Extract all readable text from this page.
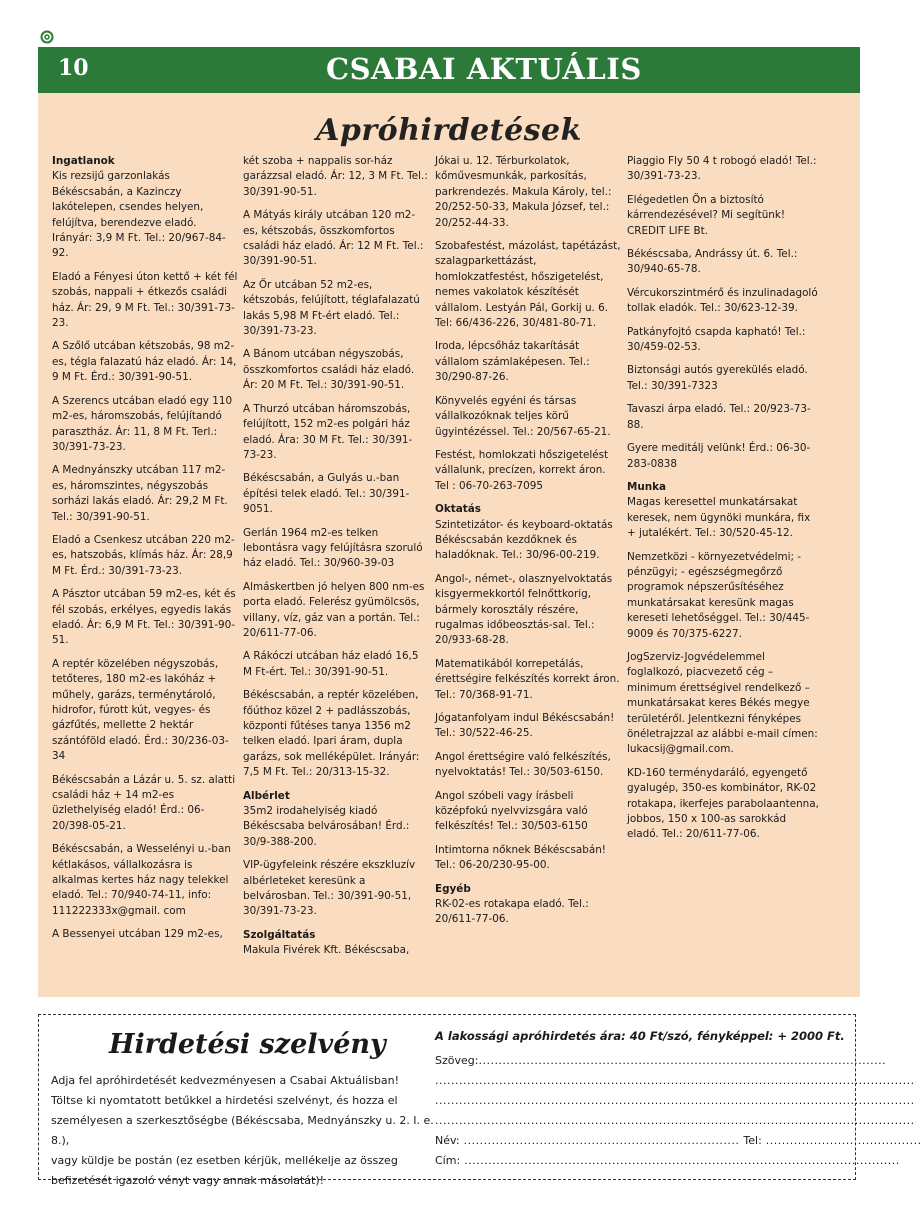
10	CSABAI AKTUÁLIS
Apróhirdetések
Ingatlanok

Kis rezsijű garzonlakás Békéscsabán, a Kazinczy lakótelepen, csendes helyen, felújítva, berendezve eladó. Irányár: 3,9 M Ft. Tel.: 20/967-84-92.

Eladó a Fényesi úton kettő + két fél szobás, nappali + étkezős családi ház. Ár: 29, 9 M Ft. Tel.: 30/391-73-23.

A Szőlő utcában kétszobás, 98 m2-es, tégla falazatú ház eladó. Ár: 14, 9 M Ft. Érd.: 30/391-90-51.

A Szerencs utcában eladó egy 110 m2-es, háromszobás, felújítandó parasztház. Ár: 11, 8 M Ft. Terl.: 30/391-73-23.

A Mednyánszky utcában 117 m2-es, háromszintes, négyszobás sorházi lakás eladó. Ár: 29,2 M Ft. Tel.: 30/391-90-51.

Eladó a Csenkesz utcában 220 m2-es, hatszobás, klímás ház. Ár: 28,9 M Ft. Érd.: 30/391-73-23.

A Pásztor utcában 59 m2-es, két és fél szobás, erkélyes, egyedis lakás eladó. Ár: 6,9 M Ft. Tel.: 30/391-90-51.

A reptér közelében négyszobás, tetőteres, 180 m2-es lakóház + műhely, garázs, terménytároló, hidrofor, fúrott kút, vegyes- és gázfűtés, mellette 2 hektár szántóföld eladó. Érd.: 30/236-03-34

Békéscsabán a Lázár u. 5. sz. alatti családi ház + 14 m2-es üzlethelyiség eladó! Érd.: 06-20/398-05-21.

Békéscsabán, a Wesselényi u.-ban kétlakásos, vállalkozásra is alkalmas kertes ház nagy telekkel eladó. Tel.: 70/940-74-11, info: 111222333x@gmail. com

A Bessenyei utcában 129 m2-es,

két szoba + nappalis sor-ház garázzsal eladó. Ár: 12, 3 M Ft. Tel.: 30/391-90-51.

A Mátyás király utcában 120 m2-es, kétszobás, összkomfortos családi ház eladó. Ár: 12 M Ft. Tel.: 30/391-90-51.

Az Őr utcában 52 m2-es, kétszobás, felújított, téglafalazatú lakás 5,98 M Ft-ért eladó. Tel.: 30/391-73-23.

A Bánom utcában négyszobás, összkomfortos családi ház eladó. Ár: 20 M Ft. Tel.: 30/391-90-51.

A Thurzó utcában háromszobás, felújított, 152 m2-es polgári ház eladó. Ára: 30 M Ft. Tel.: 30/391-73-23.

Békéscsabán, a Gulyás u.-ban építési telek eladó. Tel.: 30/391-9051.

Gerlán 1964 m2-es telken lebontásra vagy felújításra szoruló ház eladó. Tel.: 30/960-39-03

Almáskertben jó helyen 800 nm-es porta eladó. Felerész gyümölcsös, villany, víz, gáz van a portán. Tel.: 20/611-77-06.

A Rákóczi utcában ház eladó 16,5 M Ft-ért. Tel.: 30/391-90-51.

Békéscsabán, a reptér közelében, főúthoz közel 2 + padlásszobás, központi fűtéses tanya 1356 m2 telken eladó. Ipari áram, dupla garázs, sok melléképület. Irányár: 7,5 M Ft. Tel.: 20/313-15-32.

Albérlet

35m2 irodahelyiség kiadó Békéscsaba belvárosában! Érd.: 30/9-388-200.

VIP-ügyfeleink részére ekszkluzív albérleteket keresünk a belvárosban. Tel.: 30/391-90-51, 30/391-73-23.

Szolgáltatás

Makula Fivérek Kft. Békéscsaba,

Jókai u. 12. Térburkolatok, kőművesmunkák, parkosítás, parkrendezés. Makula Károly, tel.: 20/252-50-33, Makula József, tel.: 20/252-44-33.

Szobafestést, mázolást, tapétázást, szalagparkettázást, homlokzatfestést, hőszigetelést, nemes vakolatok készítését vállalom. Lestyán Pál, Gorkij u. 6. Tel: 66/436-226, 30/481-80-71.

Iroda, lépcsőház takarítását vállalom számlaképesen. Tel.: 30/290-87-26.

Könyvelés egyéni és társas vállalkozóknak teljes körű ügyintézéssel. Tel.: 20/567-65-21.

Festést, homlokzati hőszigetelést vállalunk, precízen, korrekt áron. Tel : 06-70-263-7095

Oktatás

Szintetizátor- és keyboard-oktatás Békéscsabán kezdőknek és haladóknak. Tel.: 30/96-00-219.

Angol-, német-, olasznyelvoktatás kisgyermekkortól felnőttkorig, bármely korosztály részére, rugalmas időbeosztás-sal. Tel.: 20/933-68-28.

Matematikából korrepetálás, érettségire felkészítés korrekt áron. Tel.: 70/368-91-71.

Jógatanfolyam indul Békéscsabán! Tel.: 30/522-46-25.

Angol érettségire való felkészítés, nyelvoktatás! Tel.: 30/503-6150.

Angol szóbeli vagy írásbeli középfokú nyelvvizsgára való felkészítés! Tel.: 30/503-6150

Intimtorna nőknek Békéscsabán! Tel.: 06-20/230-95-00.

Egyéb

RK-02-es rotakapa eladó. Tel.: 20/611-77-06.

Piaggio Fly 50 4 t robogó eladó! Tel.: 30/391-73-23.

Elégedetlen Ön a biztosító kárrendezésével? Mi segítünk! CREDIT LIFE Bt.

Békéscsaba, Andrássy út. 6. Tel.: 30/940-65-78.

Vércukorszintmérő és inzulinadagoló tollak eladók. Tel.: 30/623-12-39.

Patkányfojtó csapda kapható! Tel.: 30/459-02-53.

Biztonsági autós gyerekülés eladó. Tel.: 30/391-7323

Tavaszi árpa eladó. Tel.: 20/923-73-88.

Gyere meditálj velünk! Érd.: 06-30-283-0838

Munka

Magas keresettel munkatársakat keresek, nem ügynöki munkára, fix + jutalékért. Tel.: 30/520-45-12.

Nemzetközi - környezetvédelmi; - pénzügyi; - egészségmegőrző programok népszerűsítéséhez munkatársakat keresünk magas kereseti lehetőséggel. Tel.: 30/445-9009 és 70/375-6227.

JogSzerviz-Jogvédelemmel foglalkozó, piacvezető cég – minimum érettségivel rendelkező – munkatársakat keres Békés megye területéről. Jelentkezni fényképes önéletrajzzal az alábbi e-mail címen: lukacsij@gmail.com.

KD-160 terménydaráló, egyengető gyalugép, 350-es kombinátor, RK-02 rotakapa, ikerfejes parabolaantenna, jobbos, 150 x 100-as sarokkád eladó. Tel.: 20/611-77-06.

Hirdetési szelvény

Adja fel apróhirdetését kedvezményesen a Csabai Aktuálisban!

Töltse ki nyomtatott betűkkel a hirdetési szelvényt, és hozza el

személyesen a szerkesztőségbe (Békéscsaba, Mednyánszky u. 2. I. e. 8.),

vagy küldje be postán (ez esetben kérjük, mellékelje az összeg

befizetését igazoló vényt vagy annak másolatát)!

A lakossági apróhirdetés ára: 40 Ft/szó, fényképpel: + 2000 Ft.
Szöveg:......................................................................................................
........................................................................................................................
........................................................................................................................
........................................................................................................................
Név: ..................................................................... Tel: .......................................
Cím: .............................................................................................................
